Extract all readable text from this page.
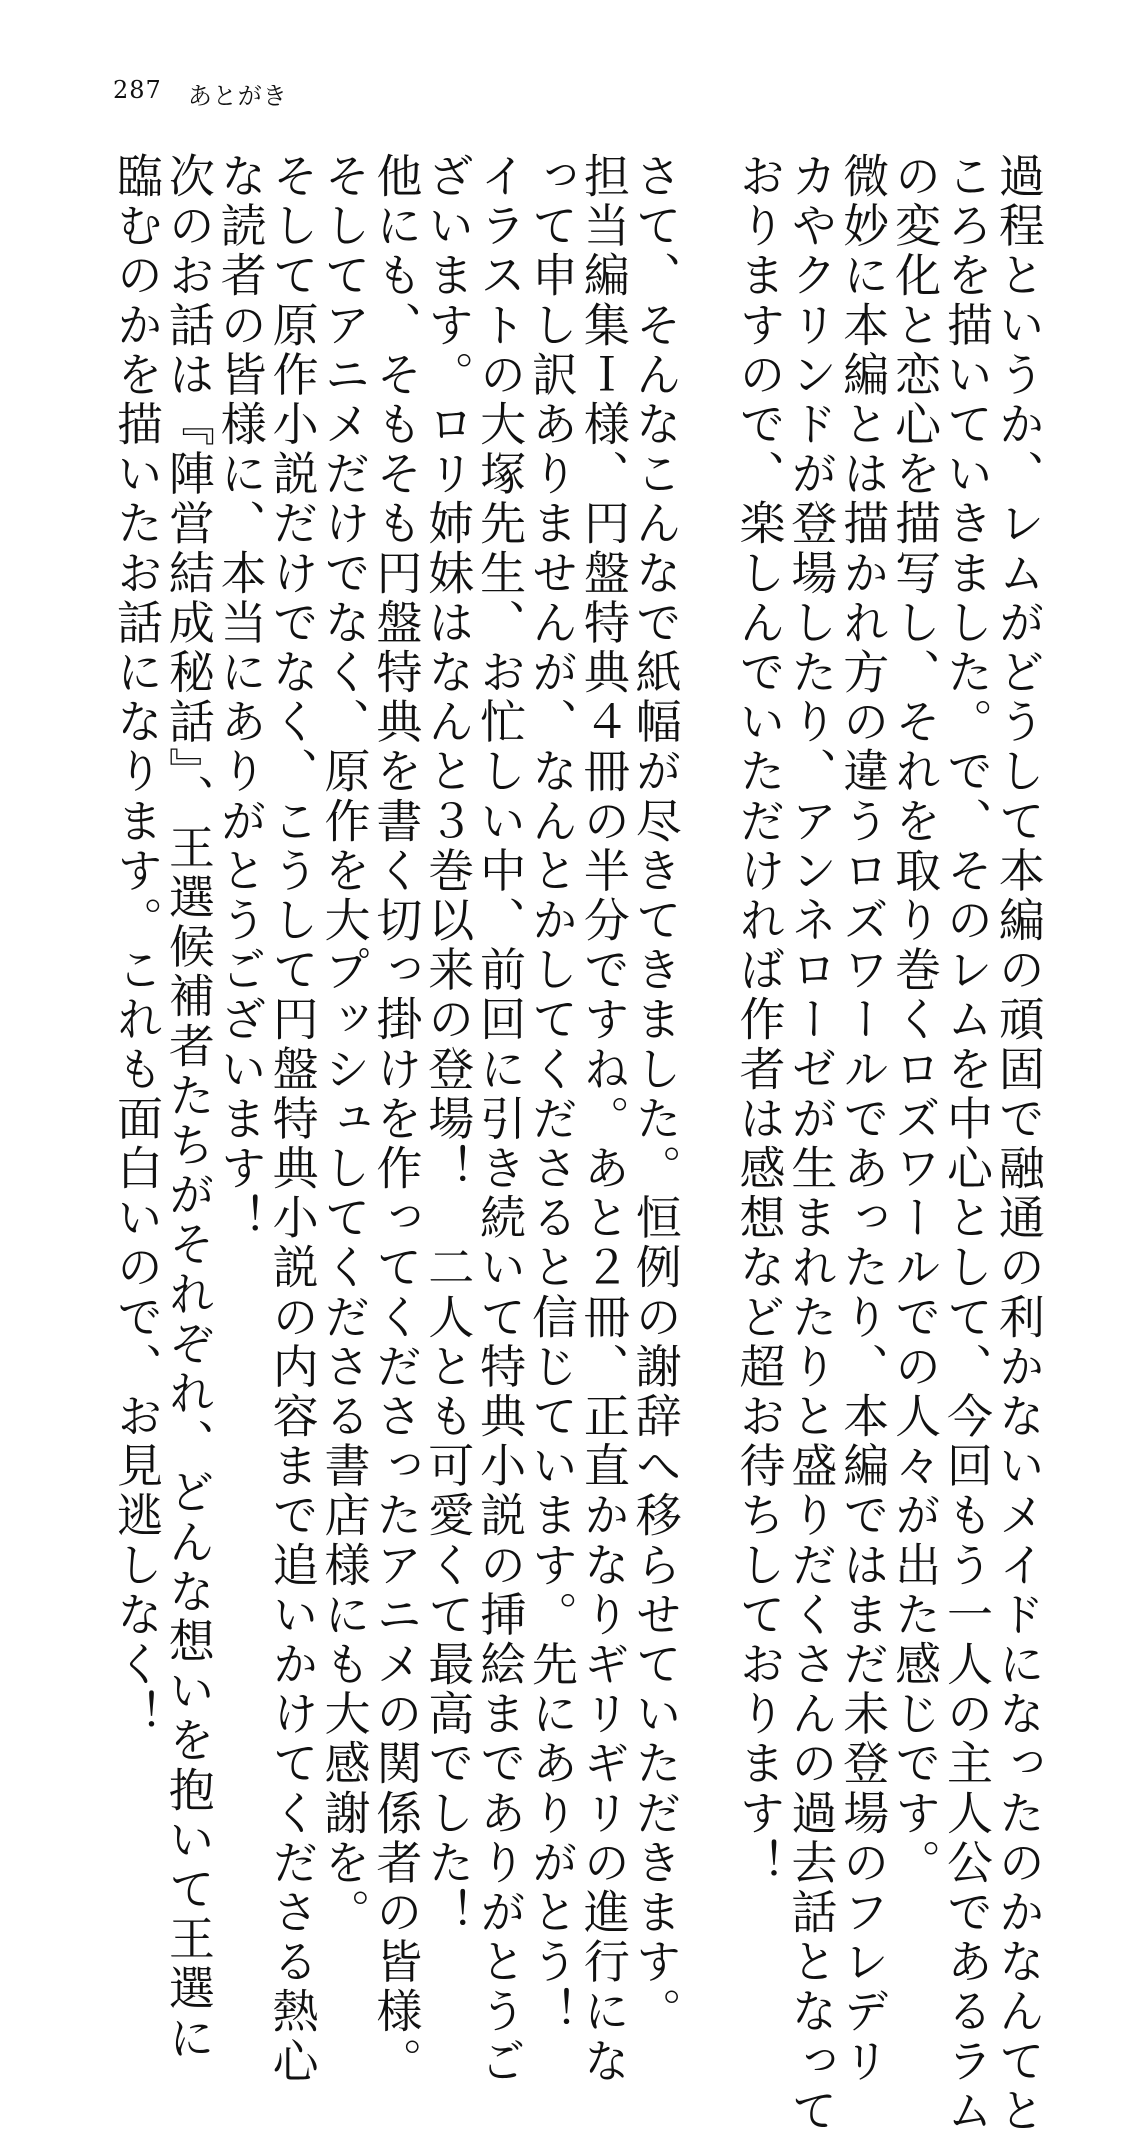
287 あとがき
過程というか、レムがどうして本編の頑固で融通の利かないメイドになったのかなんてと
ころを描いていきました。で、そのレムを中心として、今回もう一人の主人公であるラム
の変化と恋心を描写し、それを取り巻くロズワールでの人々が出た感じです。
微妙に本編とは描かれ方の違うロズワールであったり、本編ではまだ未登場のフレデリ
カやクリンドが登場したり、アンネローゼが生まれたりと盛りだくさんの過去話となって
おりますので、楽しんでいただければ作者は感想など超お待ちしております！
さて、そんなこんなで紙幅が尽きてきました。恒例の謝辞へ移らせていただきます。
担当編集Ｉ様、円盤特典４冊の半分ですね。あと２冊、正直かなりギリギリの進行にな
って申し訳ありませんが、なんとかしてくださると信じています。先にありがとう！
イラストの大塚先生、お忙しい中、前回に引き続いて特典小説の挿絵までありがとうご
ざいます。ロリ姉妹はなんと３巻以来の登場！　二人とも可愛くて最高でした！
他にも、そもそも円盤特典を書く切っ掛けを作ってくださったアニメの関係者の皆様。
そしてアニメだけでなく、原作を大プッシュしてくださる書店様にも大感謝を。
そして原作小説だけでなく、こうして円盤特典小説の内容まで追いかけてくださる熱心
な読者の皆様に、本当にありがとうございます！
次のお話は『陣営結成秘話』、王選候補者たちがそれぞれ、どんな想いを抱いて王選に
臨むのかを描いたお話になります。これも面白いので、お見逃しなく！
